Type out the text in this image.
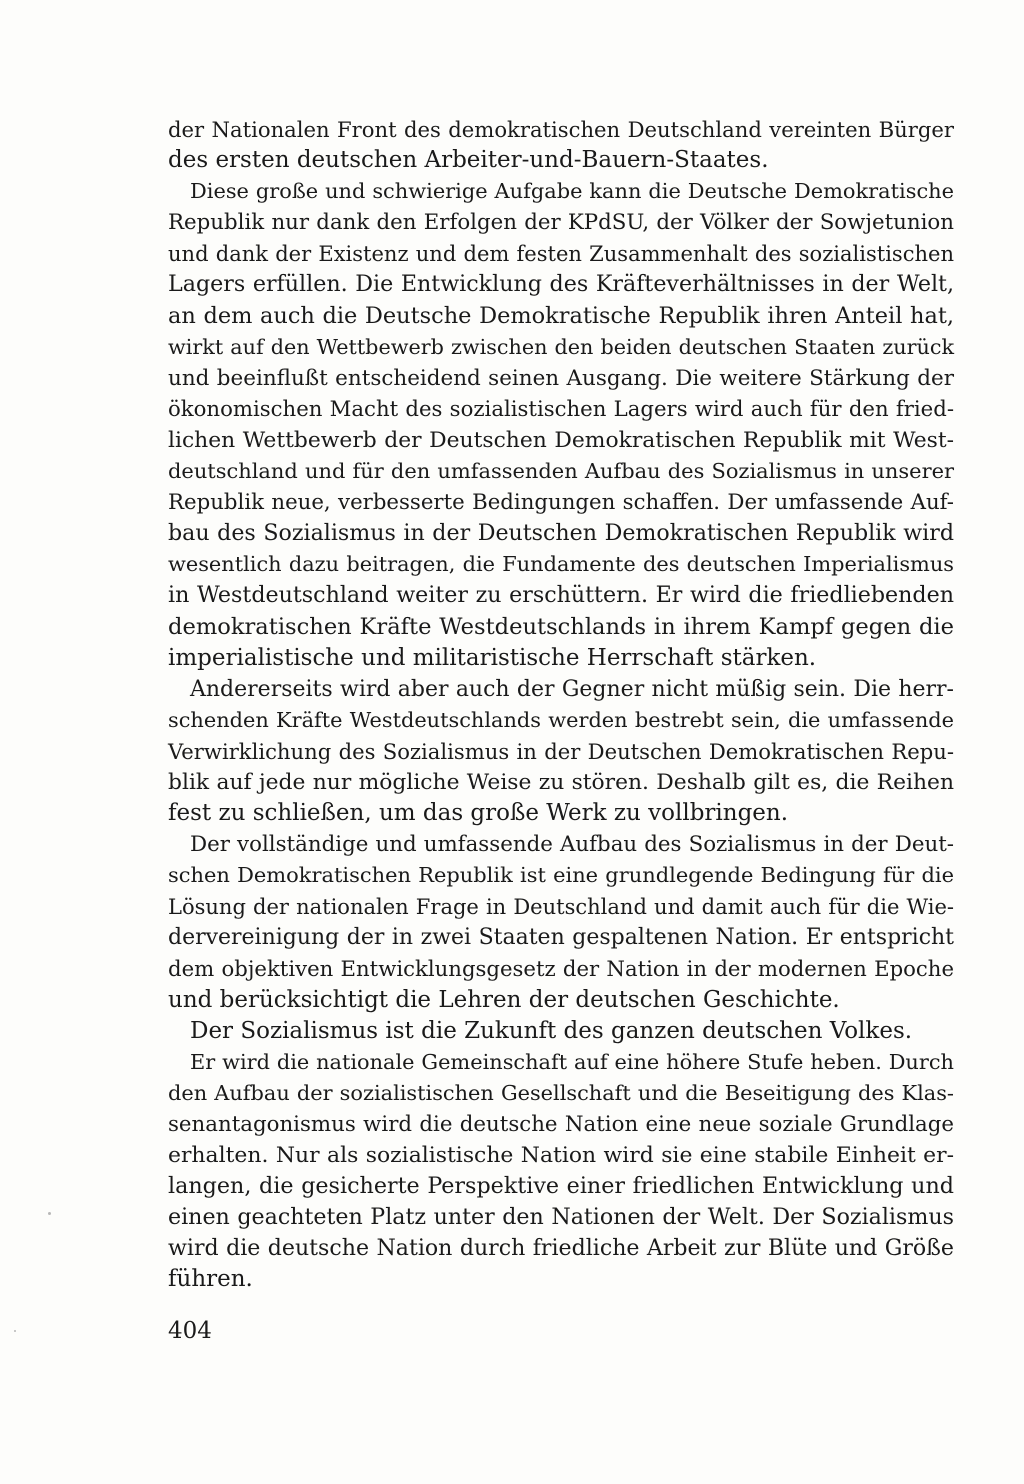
der Nationalen Front des demokratischen Deutschland vereinten Bürger
des ersten deutschen Arbeiter-und-Bauern-Staates.
Diese große und schwierige Aufgabe kann die Deutsche Demokratische
Republik nur dank den Erfolgen der KPdSU, der Völker der Sowjetunion
und dank der Existenz und dem festen Zusammenhalt des sozialistischen
Lagers erfüllen. Die Entwicklung des Kräfteverhältnisses in der Welt,
an dem auch die Deutsche Demokratische Republik ihren Anteil hat,
wirkt auf den Wettbewerb zwischen den beiden deutschen Staaten zurück
und beeinflußt entscheidend seinen Ausgang. Die weitere Stärkung der
ökonomischen Macht des sozialistischen Lagers wird auch für den fried-
lichen Wettbewerb der Deutschen Demokratischen Republik mit West-
deutschland und für den umfassenden Aufbau des Sozialismus in unserer
Republik neue, verbesserte Bedingungen schaffen. Der umfassende Auf-
bau des Sozialismus in der Deutschen Demokratischen Republik wird
wesentlich dazu beitragen, die Fundamente des deutschen Imperialismus
in Westdeutschland weiter zu erschüttern. Er wird die friedliebenden
demokratischen Kräfte Westdeutschlands in ihrem Kampf gegen die
imperialistische und militaristische Herrschaft stärken.
Andererseits wird aber auch der Gegner nicht müßig sein. Die herr-
schenden Kräfte Westdeutschlands werden bestrebt sein, die umfassende
Verwirklichung des Sozialismus in der Deutschen Demokratischen Repu-
blik auf jede nur mögliche Weise zu stören. Deshalb gilt es, die Reihen
fest zu schließen, um das große Werk zu vollbringen.
Der vollständige und umfassende Aufbau des Sozialismus in der Deut-
schen Demokratischen Republik ist eine grundlegende Bedingung für die
Lösung der nationalen Frage in Deutschland und damit auch für die Wie-
dervereinigung der in zwei Staaten gespaltenen Nation. Er entspricht
dem objektiven Entwicklungsgesetz der Nation in der modernen Epoche
und berücksichtigt die Lehren der deutschen Geschichte.
Der Sozialismus ist die Zukunft des ganzen deutschen Volkes.
Er wird die nationale Gemeinschaft auf eine höhere Stufe heben. Durch
den Aufbau der sozialistischen Gesellschaft und die Beseitigung des Klas-
senantagonismus wird die deutsche Nation eine neue soziale Grundlage
erhalten. Nur als sozialistische Nation wird sie eine stabile Einheit er-
langen, die gesicherte Perspektive einer friedlichen Entwicklung und
einen geachteten Platz unter den Nationen der Welt. Der Sozialismus
wird die deutsche Nation durch friedliche Arbeit zur Blüte und Größe
führen.
404
